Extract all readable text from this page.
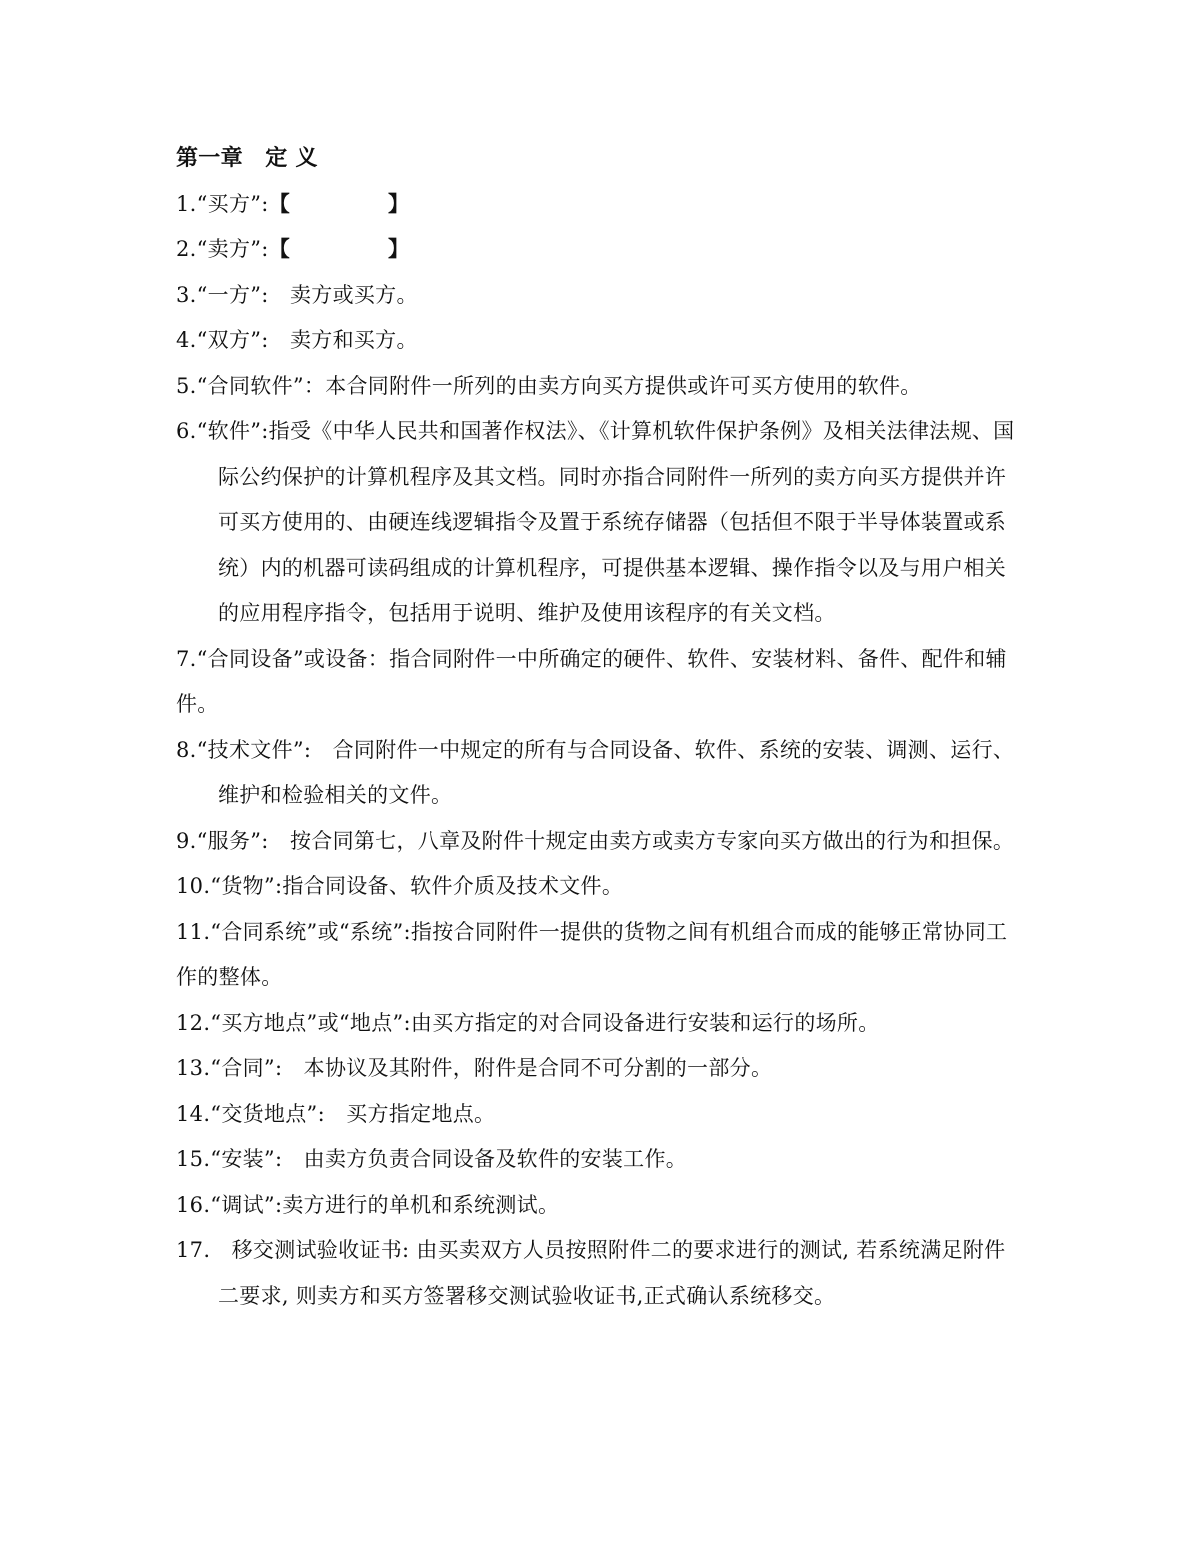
第一章　定 义

1.“买方”:【	】

2.“卖方”:【	】

3.“一方”:　卖方或买方。

4.“双方”:　卖方和买方。

5.“合同软件”：本合同附件一所列的由卖方向买方提供或许可买方使用的软件。

6.“软件”:指受《中华人民共和国著作权法》、《计算机软件保护条例》及相关法律法规、国际公约保护的计算机程序及其文档。同时亦指合同附件一所列的卖方向买方提供并许可买方使用的、由硬连线逻辑指令及置于系统存储器（包括但不限于半导体装置或系统）内的机器可读码组成的计算机程序，可提供基本逻辑、操作指令以及与用户相关的应用程序指令，包括用于说明、维护及使用该程序的有关文档。

7.“合同设备”或设备：指合同附件一中所确定的硬件、软件、安装材料、备件、配件和辅件。

8.“技术文件”:　合同附件一中规定的所有与合同设备、软件、系统的安装、调测、运行、维护和检验相关的文件。

9.“服务”:　按合同第七，八章及附件十规定由卖方或卖方专家向买方做出的行为和担保。

10.“货物”:指合同设备、软件介质及技术文件。

11.“合同系统”或“系统”:指按合同附件一提供的货物之间有机组合而成的能够正常协同工作的整体。

12.“买方地点”或“地点”:由买方指定的对合同设备进行安装和运行的场所。

13.“合同”:　本协议及其附件，附件是合同不可分割的一部分。

14.“交货地点”:　买方指定地点。

15.“安装”:　由卖方负责合同设备及软件的安装工作。

16.“调试”:卖方进行的单机和系统测试。

17.　移交测试验收证书: 由买卖双方人员按照附件二的要求进行的测试, 若系统满足附件二要求, 则卖方和买方签署移交测试验收证书,正式确认系统移交。
